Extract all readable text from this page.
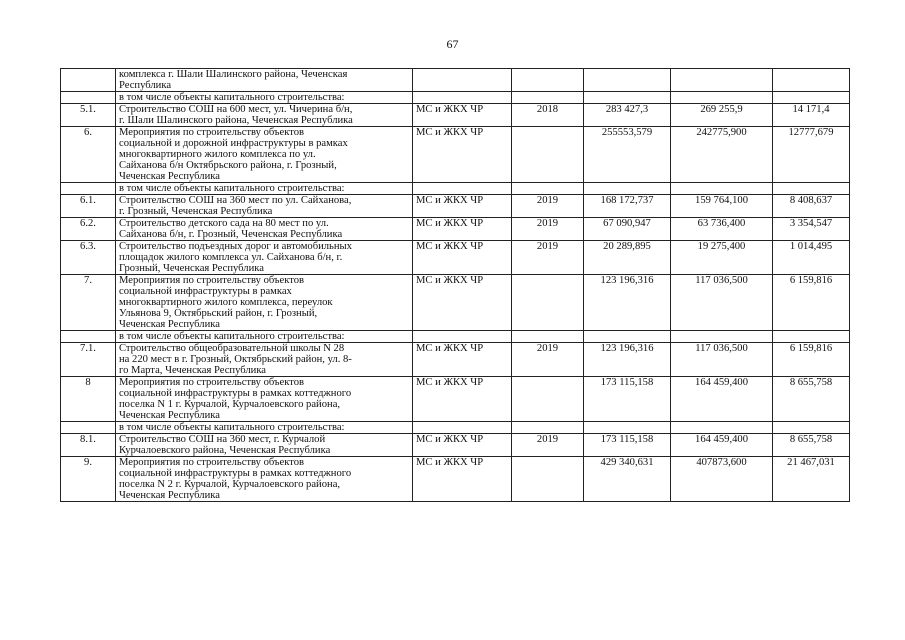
67

	комплекса г. Шали Шалинского района, Чеченская
Республика					

	в том числе объекты капитального строительства:					

5.1.	Строительство СОШ на 600 мест, ул. Чичерина б/н,
г. Шали Шалинского района, Чеченская Республика	МС и ЖКХ ЧР	2018	283 427,3	269 255,9	14 171,4
6.	Мероприятия по строительству объектов
социальной и дорожной инфраструктуры в рамках
многоквартирного жилого комплекса по ул.
Сайханова б/н Октябрьского района, г. Грозный,
Чеченская Республика	МС и ЖКХ ЧР		255553,579	242775,900	12777,679

	в том числе объекты капитального строительства:					

6.1.	Строительство СОШ на 360 мест по ул. Сайханова,
г. Грозный, Чеченская Республика	МС и ЖКХ ЧР	2019	168 172,737	159 764,100	8 408,637
6.2.	Строительство детского сада на 80 мест по ул.
Сайханова б/н, г. Грозный, Чеченская Республика	МС и ЖКХ ЧР	2019	67 090,947	63 736,400	3 354,547
6.3.	Строительство подъездных дорог и автомобильных
площадок жилого комплекса ул. Сайханова б/н, г.
Грозный, Чеченская Республика	МС и ЖКХ ЧР	2019	20 289,895	19 275,400	1 014,495
7.	Мероприятия по строительству объектов
социальной инфраструктуры в рамках
многоквартирного жилого комплекса, переулок
Ульянова 9, Октябрьский район, г. Грозный,
Чеченская Республика	МС и ЖКХ ЧР		123 196,316	117 036,500	6 159,816

	в том числе объекты капитального строительства:					

7.1.	Строительство общеобразовательной школы N 28
на 220 мест в г. Грозный, Октябрьский район, ул. 8-
го Марта, Чеченская Республика	МС и ЖКХ ЧР	2019	123 196,316	117 036,500	6 159,816
8	Мероприятия по строительству объектов
социальной инфраструктуры в рамках коттеджного
поселка N 1 г. Курчалой, Курчалоевского района,
Чеченская Республика	МС и ЖКХ ЧР		173 115,158	164 459,400	8 655,758

	в том числе объекты капитального строительства:					

8.1.	Строительство СОШ на 360 мест, г. Курчалой
Курчалоевского района, Чеченская Республика	МС и ЖКХ ЧР	2019	173 115,158	164 459,400	8 655,758
9.	Мероприятия по строительству объектов
социальной инфраструктуры в рамках коттеджного
поселка N 2 г. Курчалой, Курчалоевского района,
Чеченская Республика	МС и ЖКХ ЧР		429 340,631	407873,600	21 467,031
